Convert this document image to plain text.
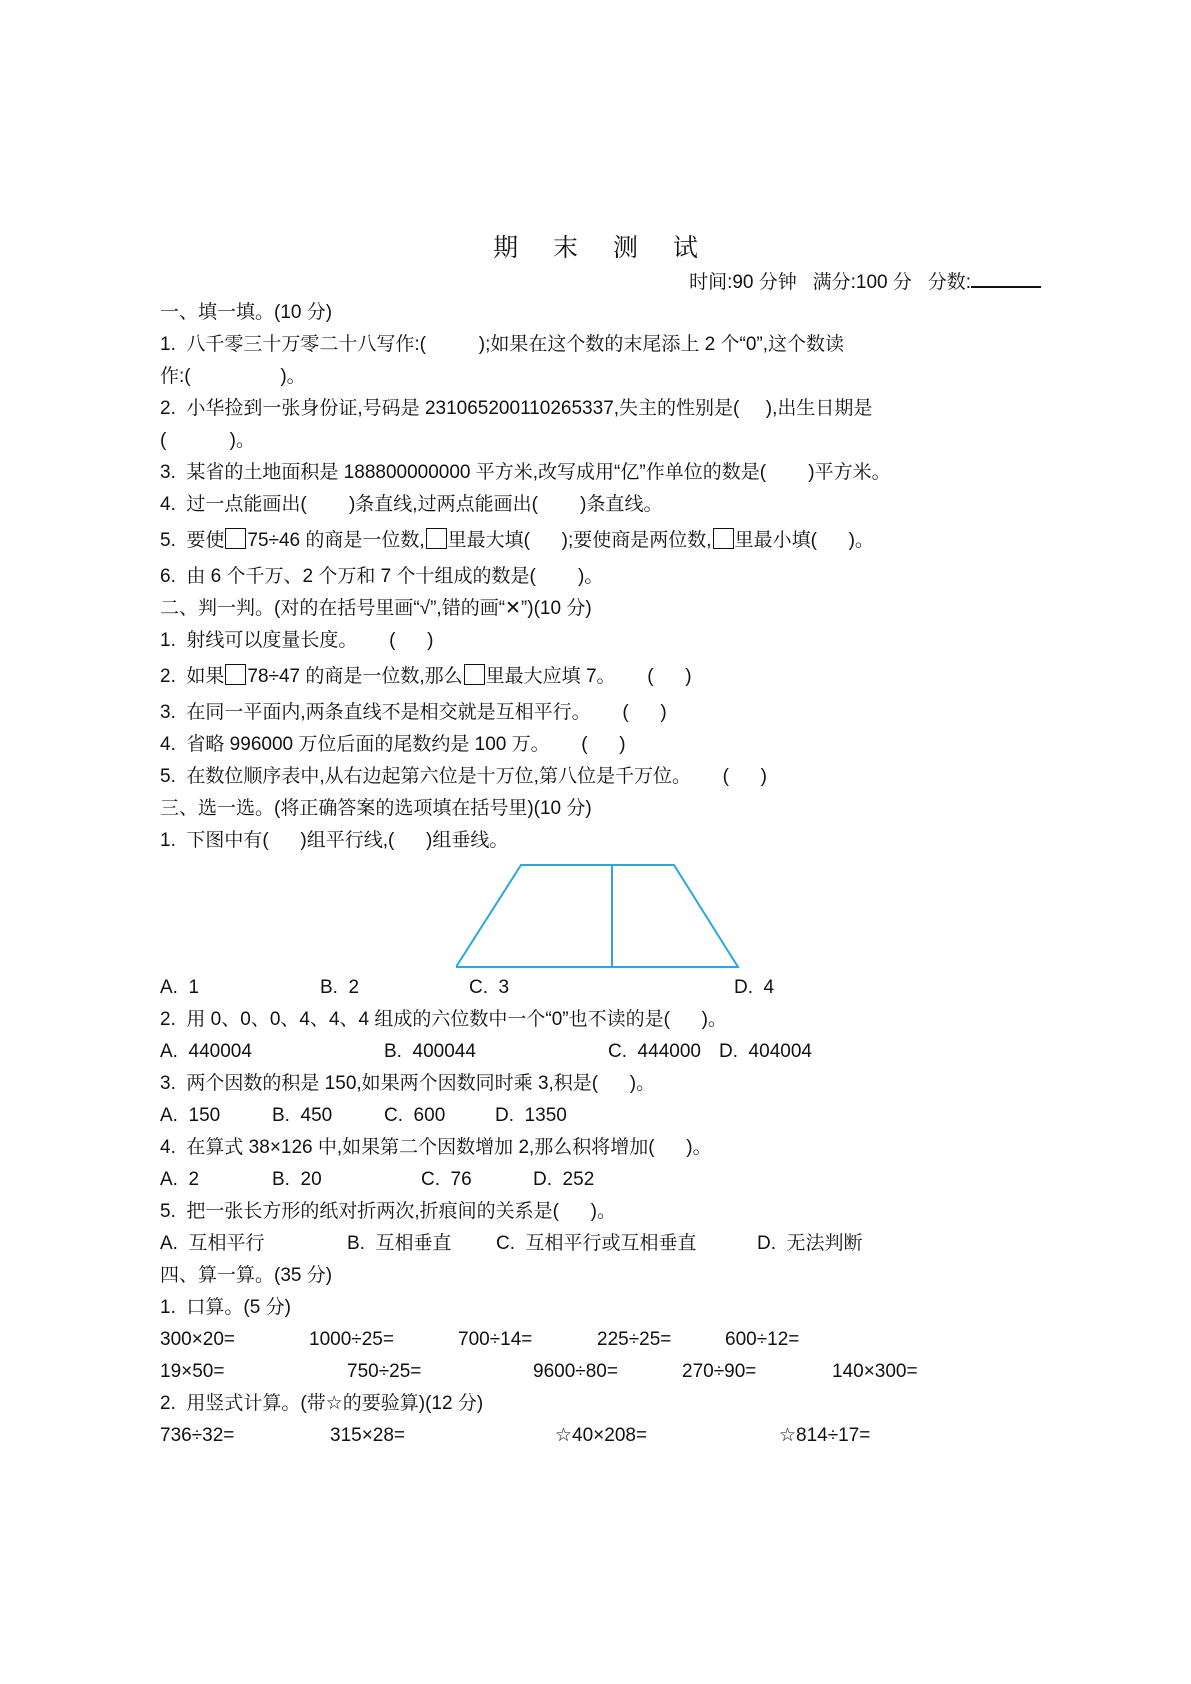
期 末 测 试
时间:90 分钟 满分:100 分 分数:
一、填一填。(10 分)
1.  八千零三十万零二十八写作:(          );如果在这个数的末尾添上 2 个“0”,这个数读
作:(                 )。
2.  小华捡到一张身份证,号码是 231065200110265337,失主的性别是(     ),出生日期是
(            )。
3.  某省的土地面积是 188800000000 平方米,改写成用“亿”作单位的数是(        )平方米。
4.  过一点能画出(        )条直线,过两点能画出(        )条直线。
5.  要使 75÷46 的商是一位数, 里最大填(      );要使商是两位数, 里最小填(      )。
6.  由 6 个千万、2 个万和 7 个十组成的数是(        )。
二、判一判。(对的在括号里画“√”,错的画“✕”)(10 分)
1.  射线可以度量长度。      (      )
2.  如果 78÷47 的商是一位数,那么 里最大应填 7。      (      )
3.  在同一平面内,两条直线不是相交就是互相平行。      (      )
4.  省略 996000 万位后面的尾数约是 100 万。      (      )
5.  在数位顺序表中,从右边起第六位是十万位,第八位是千万位。      (      )
三、选一选。(将正确答案的选项填在括号里)(10 分)
1.  下图中有(      )组平行线,(      )组垂线。

A.  1

	B.  2

	C.  3

	D.  4

2.  用 0、0、0、4、4、4 组成的六位数中一个“0”也不读的是(      )。

A.  440004

	B.  400044

	C.  444000

D.  404004

3.  两个因数的积是 150,如果两个因数同时乘 3,积是(      )。

A.  150

	B.  450

	C.  600

	D.  1350

4.  在算式 38×126 中,如果第二个因数增加 2,那么积将增加(      )。

A.  2

	B.  20

	C.  76

	D.  252

5.  把一张长方形的纸对折两次,折痕间的关系是(      )。

A.  互相平行

	B.  互相垂直

C.  互相平行或互相垂直

	D.  无法判断

四、算一算。(35 分)
1.  口算。(5 分)

300×20=

	1000÷25=

	700÷14=

	225÷25=

	600÷12=

19×50=

	750÷25=

	9600÷80=

	270÷90=

	140×300=

2.  用竖式计算。(带☆的要验算)(12 分)

736÷32=

	315×28=

	☆40×208=

	☆814÷17=
